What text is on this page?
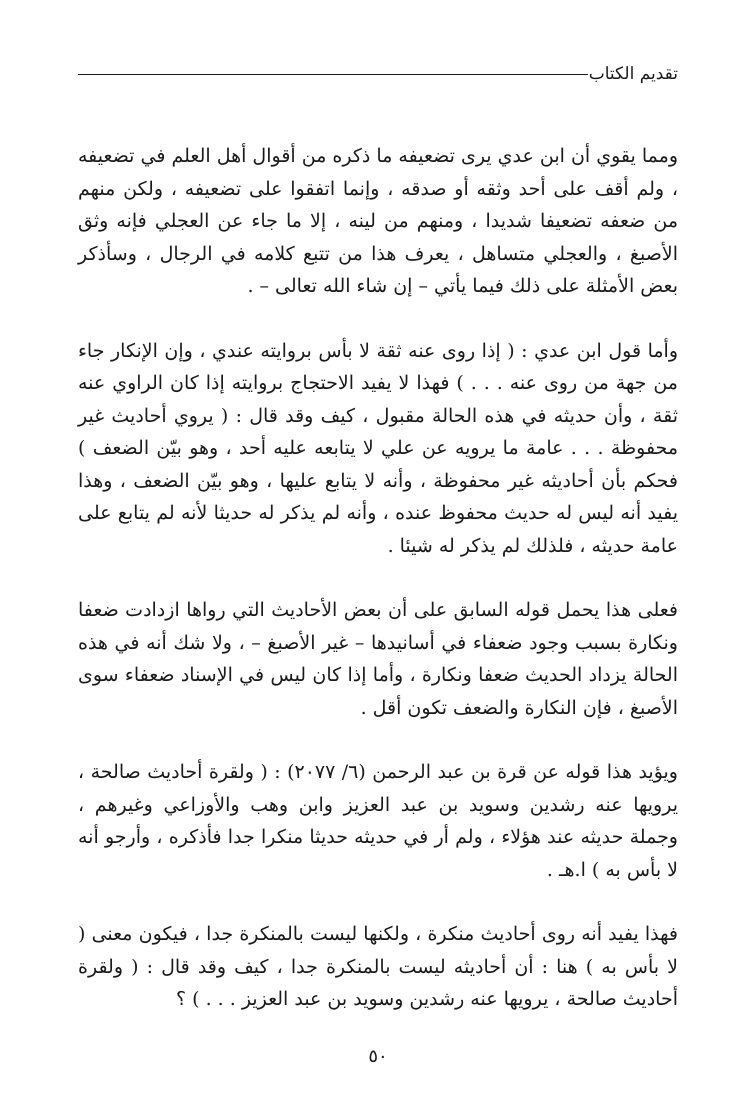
تقديم الكتاب

ومما يقوي أن ابن عدي يرى تضعيفه ما ذكره من أقوال أهل العلم في تضعيفه ، ولم أقف على أحد وثقه أو صدقه ، وإنما اتفقوا على تضعيفه ، ولكن منهم من ضعفه تضعيفا شديدا ، ومنهم من لينه ، إلا ما جاء عن العجلي فإنه وثق الأصبغ ، والعجلي متساهل ، يعرف هذا من تتبع كلامه في الرجال ، وسأذكر بعض الأمثلة على ذلك فيما يأتي – إن شاء الله تعالى – .

وأما قول ابن عدي : ( إذا روى عنه ثقة لا بأس بروايته عندي ، وإن الإنكار جاء من جهة من روى عنه . . . ) فهذا لا يفيد الاحتجاج بروايته إذا كان الراوي عنه ثقة ، وأن حديثه في هذه الحالة مقبول ، كيف وقد قال : ( يروي أحاديث غير محفوظة . . . عامة ما يرويه عن علي لا يتابعه عليه أحد ، وهو بيّن الضعف ) فحكم بأن أحاديثه غير محفوظة ، وأنه لا يتابع عليها ، وهو بيّن الضعف ، وهذا يفيد أنه ليس له حديث محفوظ عنده ، وأنه لم يذكر له حديثا لأنه لم يتابع على عامة حديثه ، فلذلك لم يذكر له شيئا .

فعلى هذا يحمل قوله السابق على أن بعض الأحاديث التي رواها ازدادت ضعفا ونكارة بسبب وجود ضعفاء في أسانيدها – غير الأصبغ – ، ولا شك أنه في هذه الحالة يزداد الحديث ضعفا ونكارة ، وأما إذا كان ليس في الإسناد ضعفاء سوى الأصبغ ، فإن النكارة والضعف تكون أقل .

ويؤيد هذا قوله عن قرة بن عبد الرحمن (٦/ ٢٠٧٧) : ( ولقرة أحاديث صالحة ، يرويها عنه رشدين وسويد بن عبد العزيز وابن وهب والأوزاعي وغيرهم ، وجملة حديثه عند هؤلاء ، ولم أر في حديثه حديثا منكرا جدا فأذكره ، وأرجو أنه لا بأس به ) ا.هـ .

فهذا يفيد أنه روى أحاديث منكرة ، ولكنها ليست بالمنكرة جدا ، فيكون معنى ( لا بأس به ) هنا : أن أحاديثه ليست بالمنكرة جدا ، كيف وقد قال : ( ولقرة أحاديث صالحة ، يرويها عنه رشدين وسويد بن عبد العزيز . . . ) ؟

٥٠
